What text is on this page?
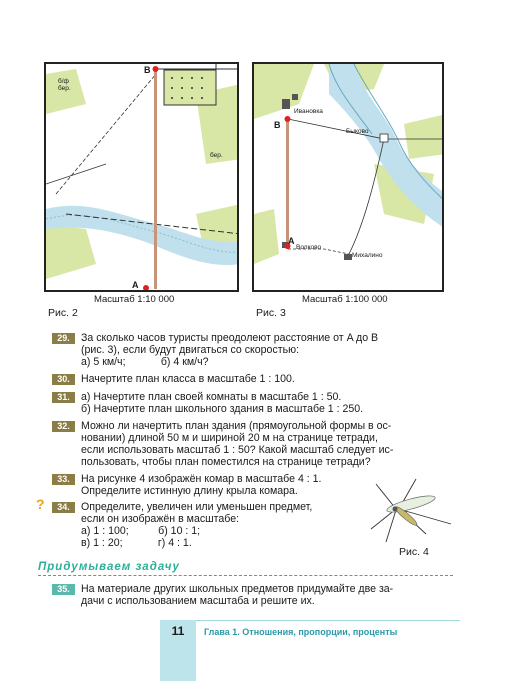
В
А
б/ф бер.
бер.
Масштаб 1:10 000
Рис. 2
В
А
Ивановка
Быково
Волково
Михалино
Масштаб 1:100 000
Рис. 3
29.	За сколько часов туристы преодолеют расстояние от A до B
(рис. 3), если будут двигаться со скоростью:
а) 5 км/ч;            б) 4 км/ч?
30.	Начертите план класса в масштабе 1 : 100.
31.	а) Начертите план своей комнаты в масштабе 1 : 50.
б) Начертите план школьного здания в масштабе 1 : 250.
32.	Можно ли начертить план здания (прямоугольной формы в ос-
новании) длиной 50 м и шириной 20 м на странице тетради,
если использовать масштаб 1 : 50? Какой масштаб следует ис-
пользовать, чтобы план поместился на странице тетради?
33.	На рисунке 4 изображён комар в масштабе 4 : 1.
Определите истинную длину крыла комара.
?	34.	Определите, увеличен или уменьшен предмет,
если он изображён в масштабе:
а) 1 : 100;          б) 10 : 1;
в) 1 : 20;            г) 4 : 1.
Рис. 4
Придумываем задачу
35.	На материале других школьных предметов придумайте две за-
дачи с использованием масштаба и решите их.
11	Глава 1. Отношения, пропорции, проценты
